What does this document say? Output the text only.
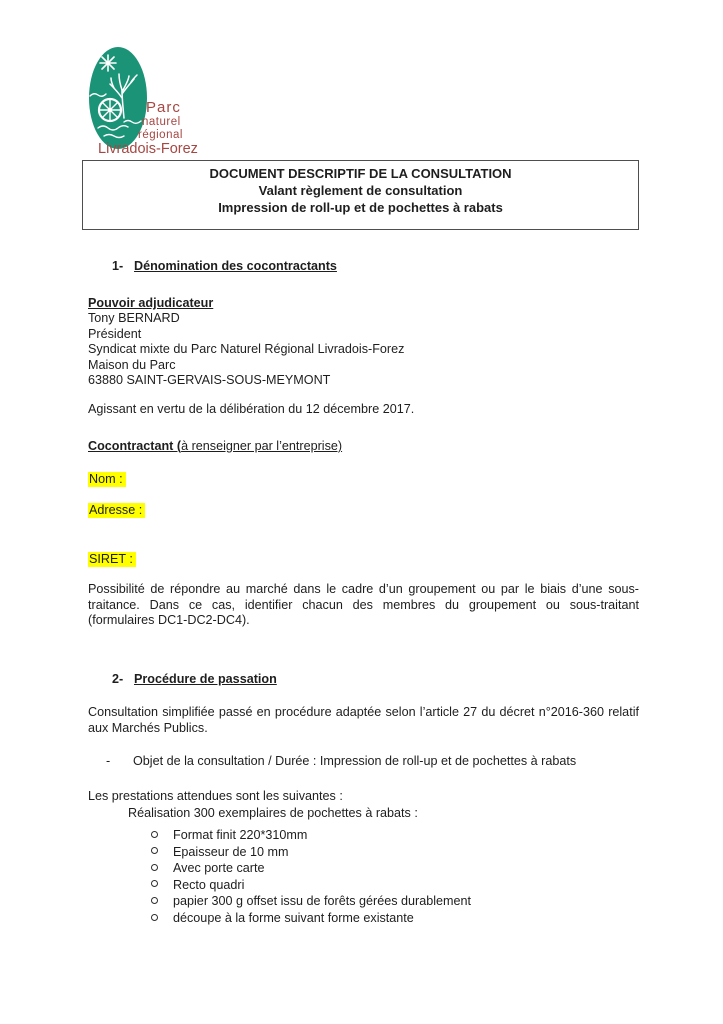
Parc
naturel
régional
Livradois-Forez
DOCUMENT DESCRIPTIF DE LA CONSULTATION
Valant règlement de consultation
Impression de roll-up et de pochettes à rabats
1- Dénomination des cocontractants
Pouvoir adjudicateur
Tony BERNARD
Président
Syndicat mixte du Parc Naturel Régional Livradois-Forez
Maison du Parc
63880 SAINT-GERVAIS-SOUS-MEYMONT
Agissant en vertu de la délibération du 12 décembre 2017.
Cocontractant (à renseigner par l’entreprise)
Nom :
Adresse :
SIRET :
Possibilité de répondre au marché dans le cadre d’un groupement ou par le biais d’une sous-traitance. Dans ce cas, identifier chacun des membres du groupement ou sous-traitant (formulaires DC1-DC2-DC4).
2- Procédure de passation
Consultation simplifiée passé en procédure adaptée selon l’article 27 du décret n°2016-360 relatif aux Marchés Publics.
- Objet de la consultation / Durée : Impression de roll-up et de pochettes à rabats
Les prestations attendues sont les suivantes :
Réalisation 300 exemplaires de pochettes à rabats :
Format finit 220*310mm
Epaisseur de 10 mm
Avec porte carte
Recto quadri
papier 300 g offset issu de forêts gérées durablement
découpe à la forme suivant forme existante
